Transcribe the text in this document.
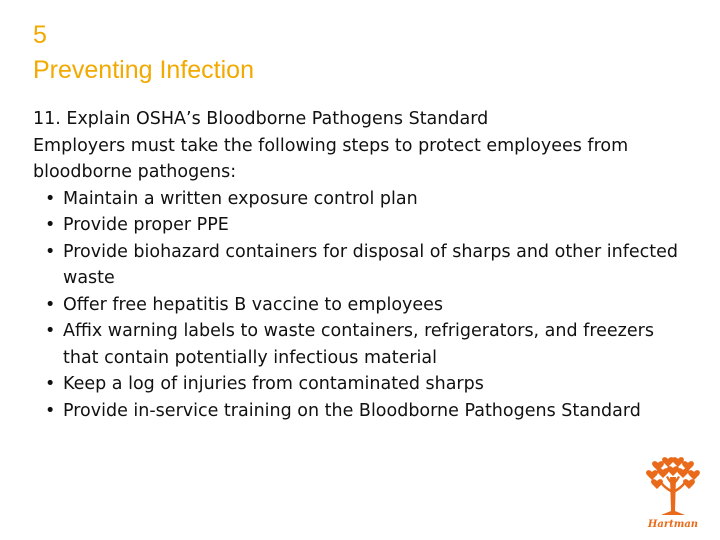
5
Preventing Infection

11. Explain OSHA’s Bloodborne Pathogens Standard

Employers must take the following steps to protect employees from bloodborne pathogens:

• Maintain a written exposure control plan
• Provide proper PPE
• Provide biohazard containers for disposal of sharps and other infected waste
• Offer free hepatitis B vaccine to employees
• Affix warning labels to waste containers, refrigerators, and freezers that contain potentially infectious material
• Keep a log of injuries from contaminated sharps
• Provide in-service training on the Bloodborne Pathogens Standard
Hartman
